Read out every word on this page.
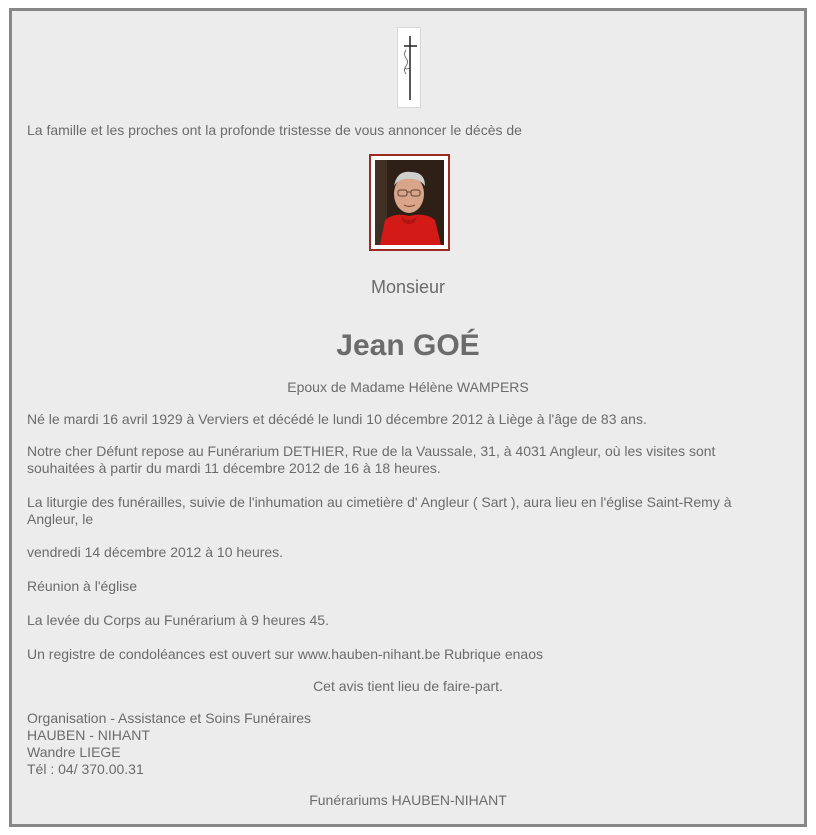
La famille et les proches ont la profonde tristesse de vous annoncer le décès de
Monsieur
Jean GOÉ
Epoux de Madame Hélène WAMPERS
Né le mardi 16 avril 1929 à Verviers et décédé le lundi 10 décembre 2012 à Liège à l'âge de 83 ans.
Notre cher Défunt repose au Funérarium DETHIER, Rue de la Vaussale, 31, à 4031 Angleur, où les visites sont
souhaitées à partir du mardi 11 décembre 2012 de 16 à 18 heures.
La liturgie des funérailles, suivie de l'inhumation au cimetière d' Angleur ( Sart ), aura lieu en l'église Saint-Remy à
Angleur, le
vendredi 14 décembre 2012 à 10 heures.
Réunion à l'église
La levée du Corps au Funérarium à 9 heures 45.
Un registre de condoléances est ouvert sur www.hauben-nihant.be Rubrique enaos
Cet avis tient lieu de faire-part.
Organisation - Assistance et Soins Funéraires
HAUBEN - NIHANT
Wandre LIEGE
Tél : 04/ 370.00.31
Funérariums HAUBEN-NIHANT
